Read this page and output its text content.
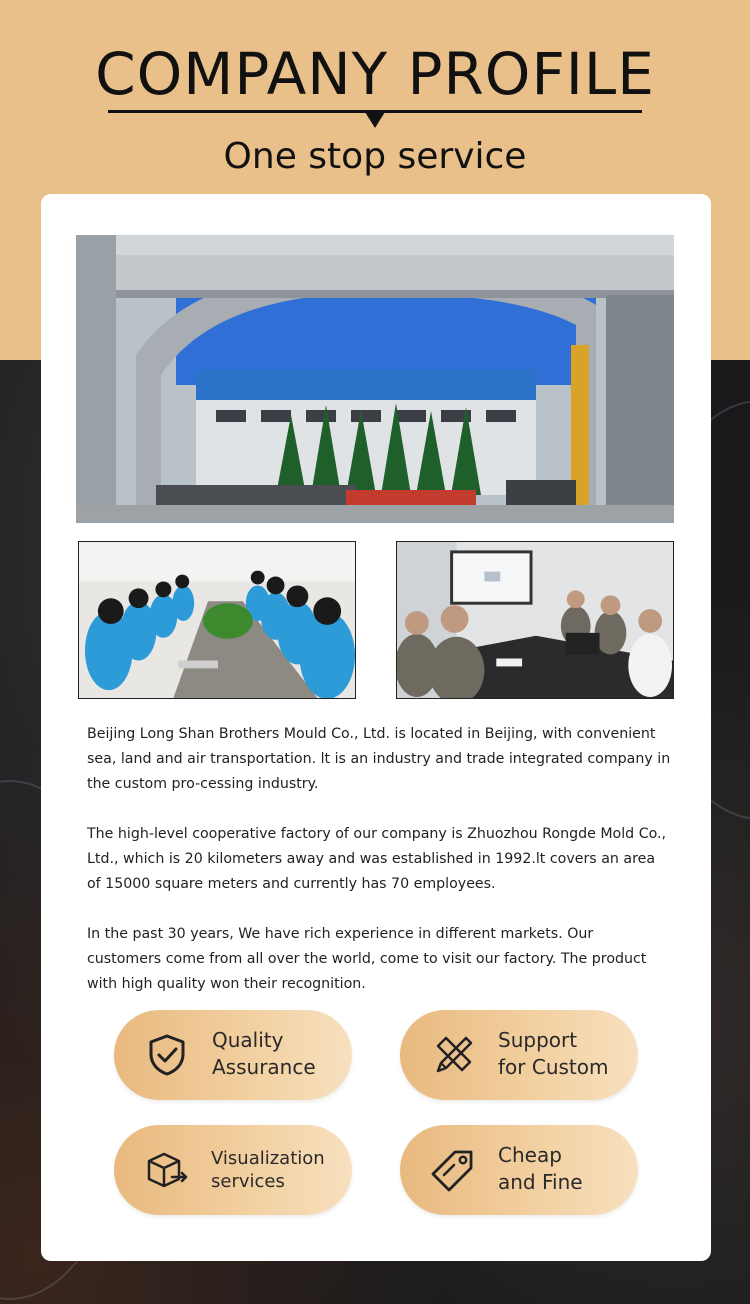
COMPANY PROFILE
One stop service

Beijing Long Shan Brothers Mould Co., Ltd. is located in Beijing, with convenient sea, land and air transportation. lt is an industry and trade integrated company in the custom pro-cessing industry.

The high-level cooperative factory of our company is Zhuozhou Rongde Mold Co., Ltd., which is 20 kilometers away and was established in 1992.lt covers an area of 15000 square meters and currently has 70 employees.

In the past 30 years, We have rich experience in different markets. Our customers come from all over the world, come to visit our factory. The product with high quality won their recognition.

Quality
Assurance
Support
for Custom
Visualization
services
Cheap
and Fine
